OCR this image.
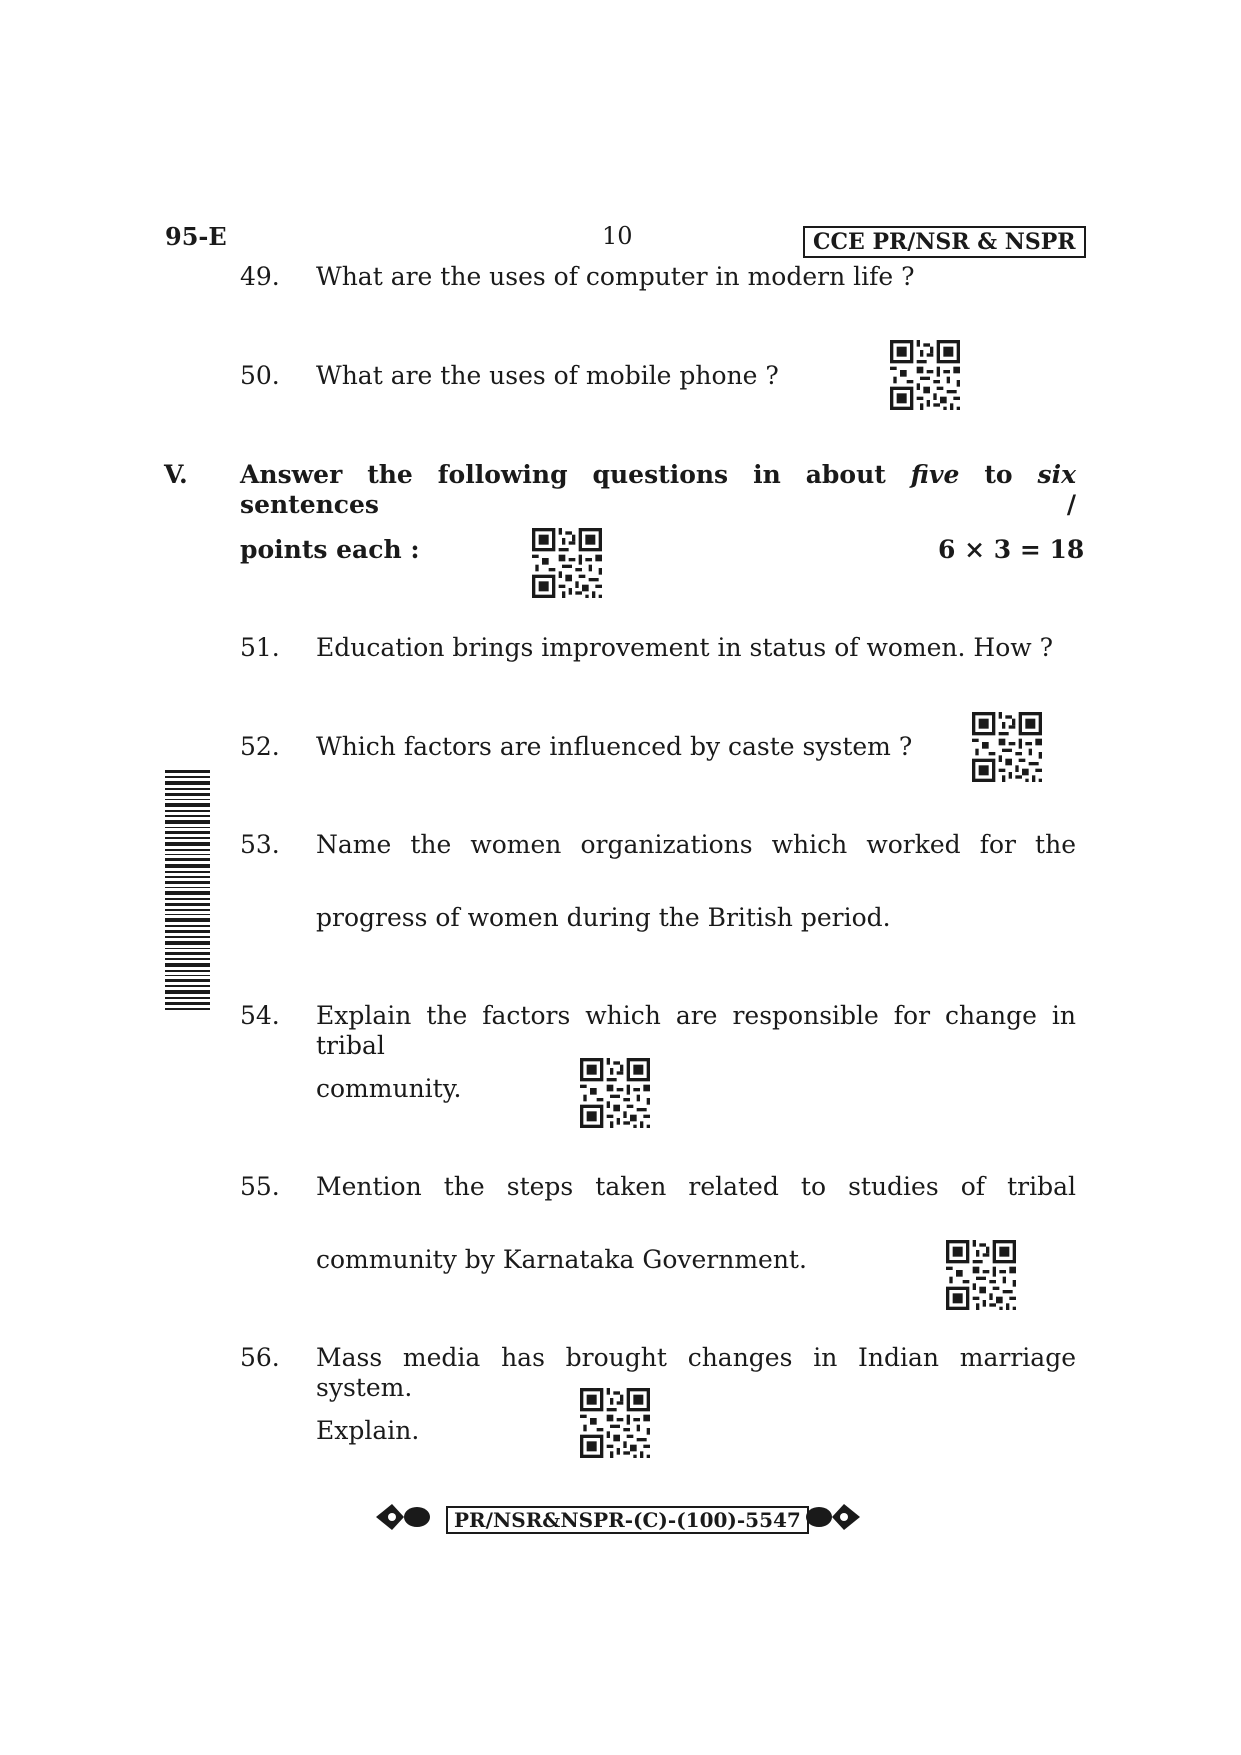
95-E	10	CCE PR/NSR & NSPR
49. What are the uses of computer in modern life ?
50. What are the uses of mobile phone ?
V. Answer the following questions in about five to six sentences /
points each :	6 × 3 = 18
51. Education brings improvement in status of women. How ?
52. Which factors are influenced by caste system ?
53. Name the women organizations which worked for the
progress of women during the British period.
54. Explain the factors which are responsible for change in tribal
community.
55. Mention the steps taken related to studies of tribal
community by Karnataka Government.
56. Mass media has brought changes in Indian marriage system.
Explain.
PR/NSR&NSPR-(C)-(100)-5547
